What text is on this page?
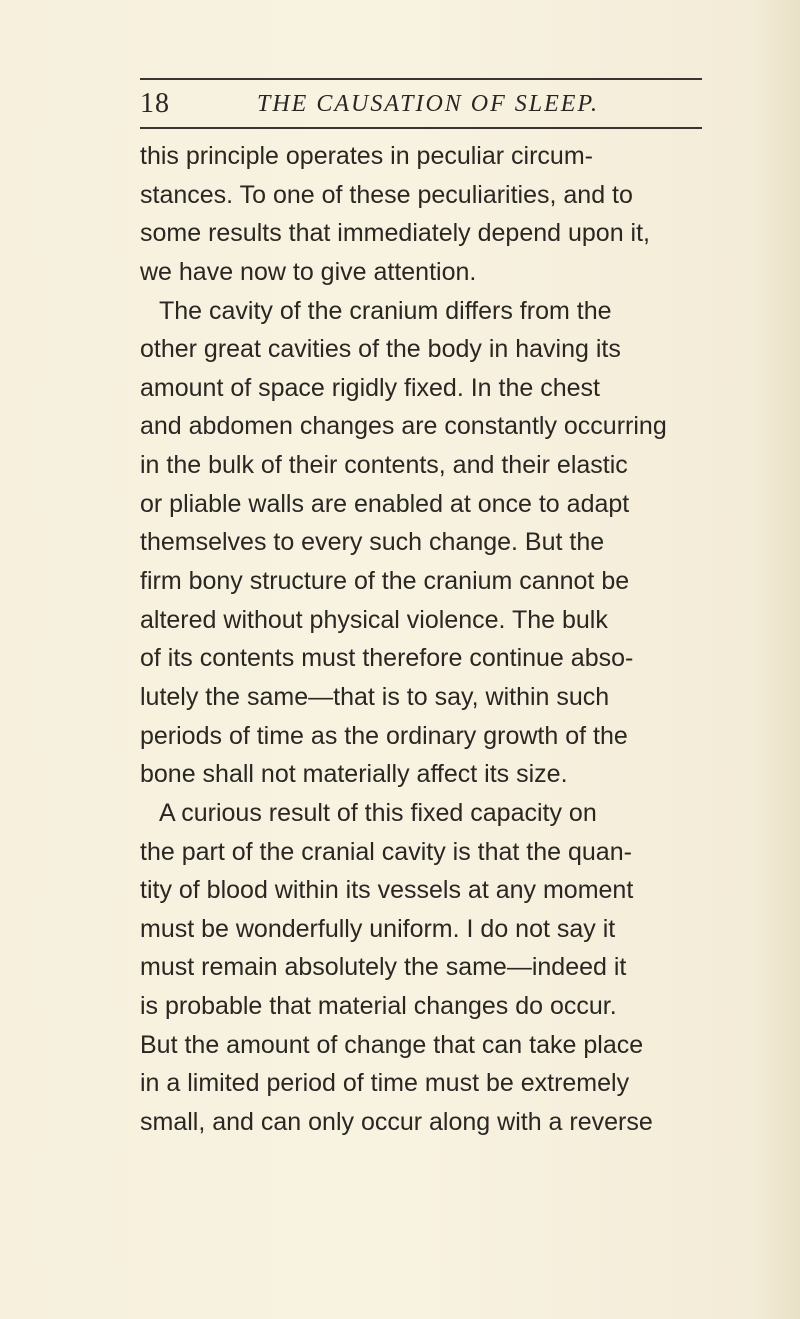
18	THE CAUSATION OF SLEEP.
this principle operates in peculiar circum-
stances. To one of these peculiarities, and to
some results that immediately depend upon it,
we have now to give attention.
The cavity of the cranium differs from the
other great cavities of the body in having its
amount of space rigidly fixed. In the chest
and abdomen changes are constantly occurring
in the bulk of their contents, and their elastic
or pliable walls are enabled at once to adapt
themselves to every such change. But the
firm bony structure of the cranium cannot be
altered without physical violence. The bulk
of its contents must therefore continue abso-
lutely the same—that is to say, within such
periods of time as the ordinary growth of the
bone shall not materially affect its size.
A curious result of this fixed capacity on
the part of the cranial cavity is that the quan-
tity of blood within its vessels at any moment
must be wonderfully uniform. I do not say it
must remain absolutely the same—indeed it
is probable that material changes do occur.
But the amount of change that can take place
in a limited period of time must be extremely
small, and can only occur along with a reverse
